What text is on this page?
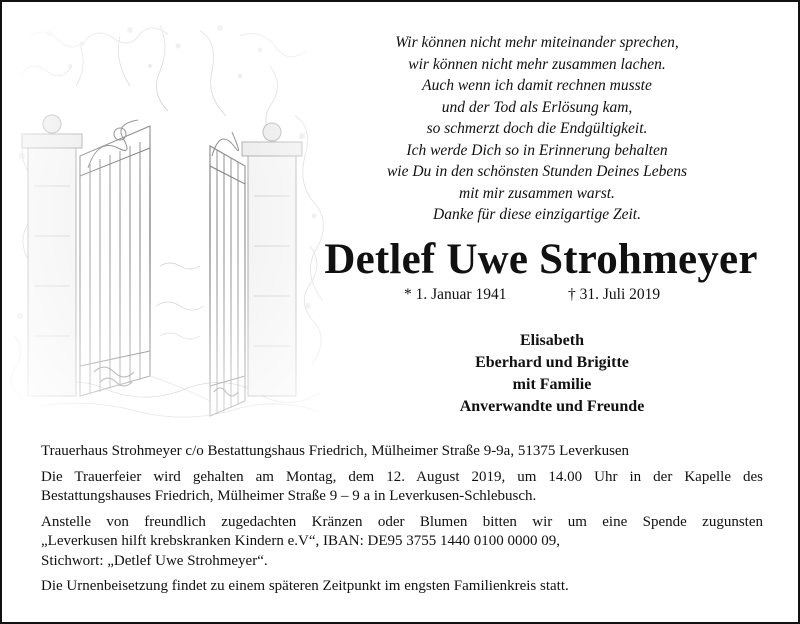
Wir können nicht mehr miteinander sprechen,
wir können nicht mehr zusammen lachen.
Auch wenn ich damit rechnen musste
und der Tod als Erlösung kam,
so schmerzt doch die Endgültigkeit.
Ich werde Dich so in Erinnerung behalten
wie Du in den schönsten Stunden Deines Lebens
mit mir zusammen warst.
Danke für diese einzigartige Zeit.
Detlef Uwe Strohmeyer
* 1. Januar 1941	† 31. Juli 2019
Elisabeth
Eberhard und Brigitte
mit Familie
Anverwandte und Freunde

Trauerhaus Strohmeyer c/o Bestattungshaus Friedrich, Mülheimer Straße 9-9a, 51375 Leverkusen

Die Trauerfeier wird gehalten am Montag, dem 12. August 2019, um 14.00 Uhr in der Kapelle des
Bestattungshauses Friedrich, Mülheimer Straße 9 – 9 a in Leverkusen-Schlebusch.

Anstelle von freundlich zugedachten Kränzen oder Blumen bitten wir um eine Spende zugunsten
„Leverkusen hilft krebskranken Kindern e.V“, IBAN: DE95 3755 1440 0100 0000 09,
Stichwort: „Detlef Uwe Strohmeyer“.

Die Urnenbeisetzung findet zu einem späteren Zeitpunkt im engsten Familienkreis statt.
